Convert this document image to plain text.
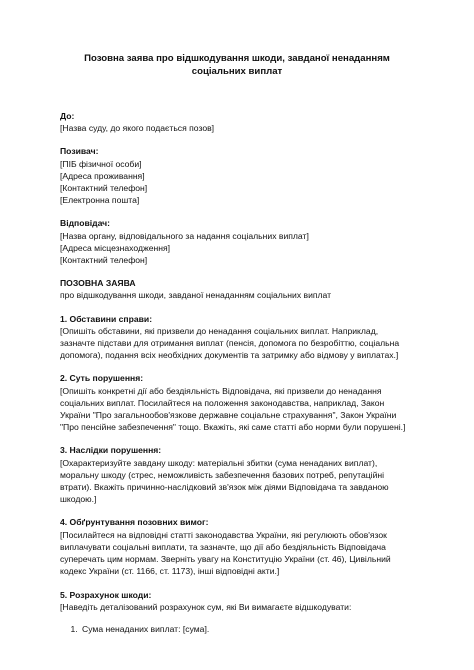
Позовна заява про відшкодування шкоди, завданої ненаданням
соціальних виплат
До:
[Назва суду, до якого подається позов]
Позивач:
[ПІБ фізичної особи]
[Адреса проживання]
[Контактний телефон]
[Електронна пошта]
Відповідач:
[Назва органу, відповідального за надання соціальних виплат]
[Адреса місцезнаходження]
[Контактний телефон]
ПОЗОВНА ЗАЯВА
про відшкодування шкоди, завданої ненаданням соціальних виплат
1. Обставини справи:
[Опишіть обставини, які призвели до ненадання соціальних виплат. Наприклад,
зазначте підстави для отримання виплат (пенсія, допомога по безробіттю, соціальна
допомога), подання всіх необхідних документів та затримку або відмову у виплатах.]
2. Суть порушення:
[Опишіть конкретні дії або бездіяльність Відповідача, які призвели до ненадання
соціальних виплат. Посилайтеся на положення законодавства, наприклад, Закон
України "Про загальнообов'язкове державне соціальне страхування", Закон України
"Про пенсійне забезпечення" тощо. Вкажіть, які саме статті або норми були порушені.]
3. Наслідки порушення:
[Охарактеризуйте завдану шкоду: матеріальні збитки (сума ненаданих виплат),
моральну шкоду (стрес, неможливість забезпечення базових потреб, репутаційні
втрати). Вкажіть причинно-наслідковий зв'язок між діями Відповідача та завданою
шкодою.]
4. Обґрунтування позовних вимог:
[Посилайтеся на відповідні статті законодавства України, які регулюють обов'язок
виплачувати соціальні виплати, та зазначте, що дії або бездіяльність Відповідача
суперечать цим нормам. Зверніть увагу на Конституцію України (ст. 46), Цивільний
кодекс України (ст. 1166, ст. 1173), інші відповідні акти.]
5. Розрахунок шкоди:
[Наведіть деталізований розрахунок сум, які Ви вимагаєте відшкодувати:
1. Сума ненаданих виплат: [сума].
